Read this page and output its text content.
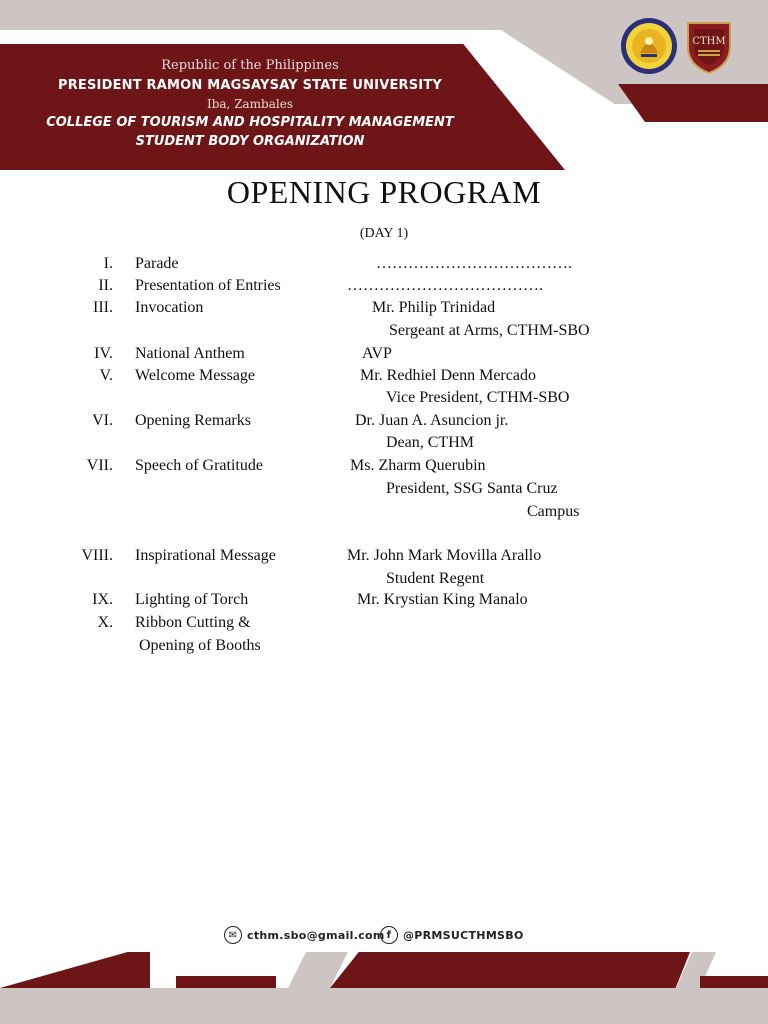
Republic of the Philippines
PRESIDENT RAMON MAGSAYSAY STATE UNIVERSITY
Iba, Zambales
COLLEGE OF TOURISM AND HOSPITALITY MANAGEMENT
STUDENT BODY ORGANIZATION
CTHM
OPENING PROGRAM
(DAY 1)
I. Parade	……………………………….
II. Presentation of Entries	……………………………….
III. Invocation	Mr. Philip Trinidad
Sergeant at Arms, CTHM-SBO
IV. National Anthem	AVP
V. Welcome Message	Mr. Redhiel Denn Mercado
Vice President, CTHM-SBO
VI. Opening Remarks	Dr. Juan A. Asuncion jr.
Dean, CTHM
VII. Speech of Gratitude	Ms. Zharm Querubin
President, SSG Santa Cruz
Campus
VIII. Inspirational Message	Mr. John Mark Movilla Arallo
Student Regent
IX. Lighting of Torch	Mr. Krystian King Manalo
X. Ribbon Cutting &
Opening of Booths
✉ cthm.sbo@gmail.com f	@PRMSUCTHMSBO
